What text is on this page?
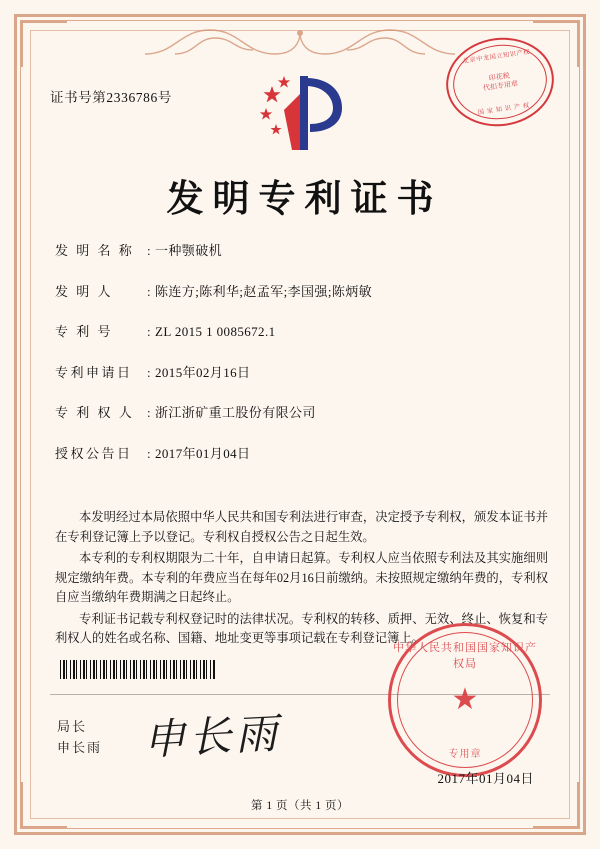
证书号第2336786号
北京中龙国立知识产权
印花税
代扣专用章
国 家 知 识 产 权
发明专利证书
发 明 名 称 : 一种颚破机
发 明 人	: 陈连方;陈利华;赵孟军;李国强;陈炳敏
专 利 号	: ZL 2015 1 0085672.1
专利申请日	: 2015年02月16日
专 利 权 人 : 浙江浙矿重工股份有限公司
授权公告日	: 2017年01月04日

本发明经过本局依照中华人民共和国专利法进行审查，决定授予专利权，颁发本证书并在专利登记簿上予以登记。专利权自授权公告之日起生效。

本专利的专利权期限为二十年，自申请日起算。专利权人应当依照专利法及其实施细则规定缴纳年费。本专利的年费应当在每年02月16日前缴纳。未按照规定缴纳年费的，专利权自应当缴纳年费期满之日起终止。

专利证书记载专利权登记时的法律状况。专利权的转移、质押、无效、终止、恢复和专利权人的姓名或名称、国籍、地址变更等事项记载在专利登记簿上。

局长
申长雨 申长雨
中华人民共和国国家知识产权局
★
专用章
2017年01月04日
第 1 页（共 1 页）
